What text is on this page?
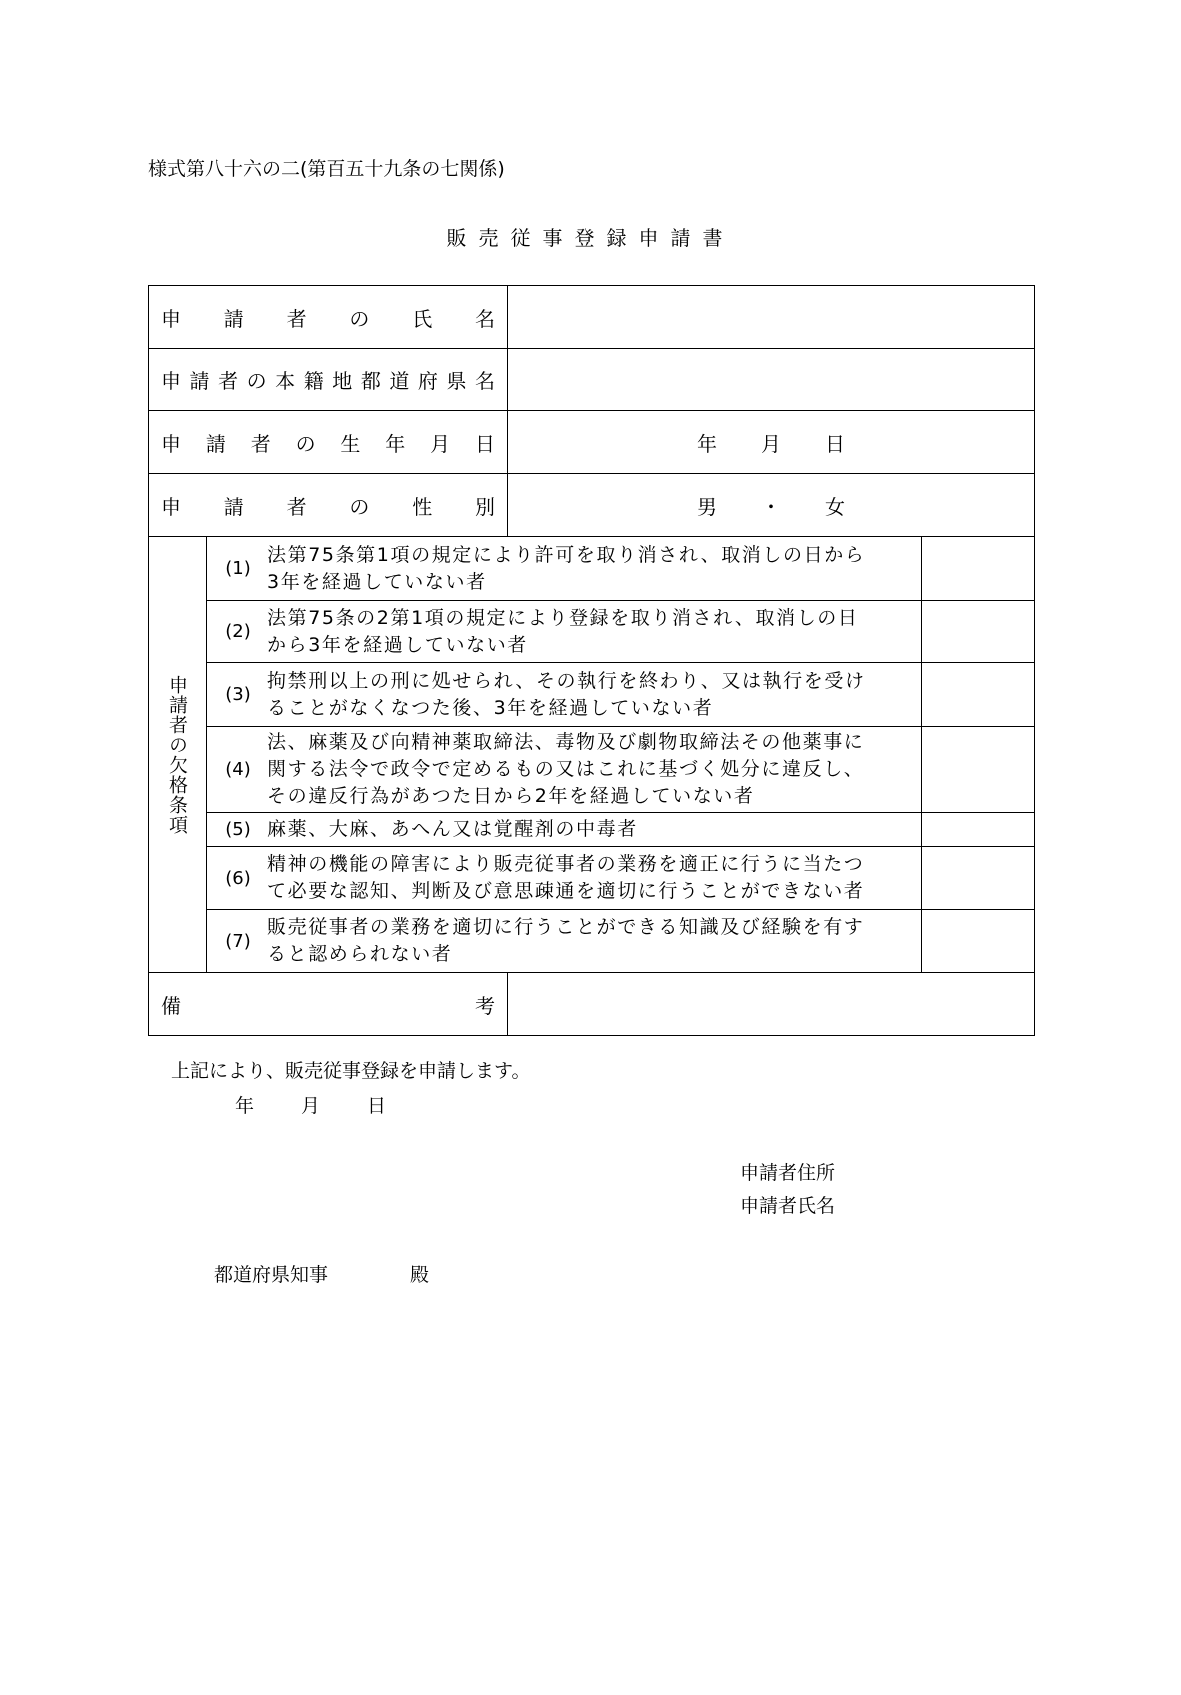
様式第八十六の二(第百五十九条の七関係)
販売従事登録申請書
申請者の氏名			
申請者の本籍地都道府県名			
申請者の生年月日		年 月 日	

申請者の性別		男 ・ 女	

申請者の欠格条項	(1)
法第75条第1項の規定により許可を取り消され、取消しの日から
3年を経過していない者		

	(2)
法第75条の2第1項の規定により登録を取り消され、取消しの日
から3年を経過していない者		

	(3)
拘禁刑以上の刑に処せられ、その執行を終わり、又は執行を受け
ることがなくなつた後、3年を経過していない者		

	(4)
法、麻薬及び向精神薬取締法、毒物及び劇物取締法その他薬事に
関する法令で政令で定めるもの又はこれに基づく処分に違反し、
その違反行為があつた日から2年を経過していない者		

	(5) 麻薬、大麻、あへん又は覚醒剤の中毒者		

	(6)
精神の機能の障害により販売従事者の業務を適正に行うに当たつ
て必要な認知、判断及び意思疎通を適切に行うことができない者		

	(7)
販売従事者の業務を適切に行うことができる知識及び経験を有す
ると認められない者		

備 考			

上記により、販売従事登録を申請します。
年 月 日
申請者住所
申請者氏名
都道府県知事	殿
